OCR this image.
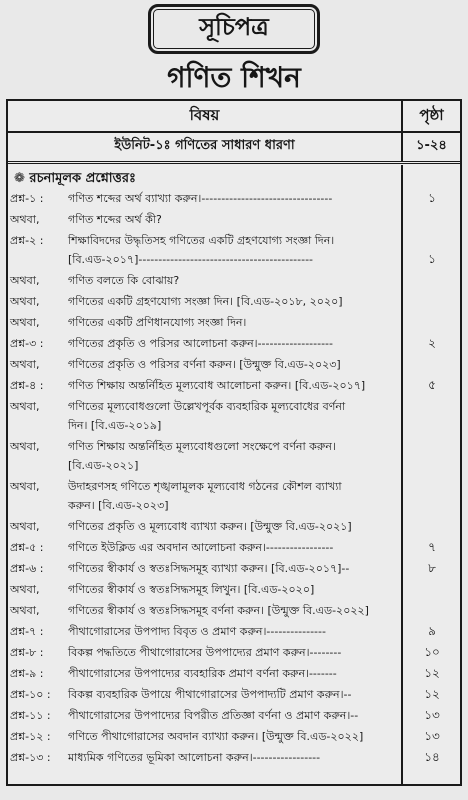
সূচিপত্র
গণিত শিখন
বিষয়	পৃষ্ঠা
ইউনিট-১ঃ গণিতের সাধারণ ধারণা	১-২৪
❁ রচনামূলক প্রশ্নোত্তরঃ
প্রশ্ন-১ :	গণিত শব্দের অর্থ ব্যাখ্যা করুন।---------------------------------	১
অথবা,	গণিত শব্দের অর্থ কী?
প্রশ্ন-২ :	শিক্ষাবিদদের উদ্ধৃতিসহ গণিতের একটি গ্রহণযোগ্য সংজ্ঞা দিন।
[বি.এড-২০১৭]--------------------------------------------	১
অথবা,	গণিত বলতে কি বোঝায়?
অথবা,	গণিতের একটি গ্রহণযোগ্য সংজ্ঞা দিন। [বি.এড-২০১৮, ২০২০]
অথবা,	গণিতের একটি প্রণিধানযোগ্য সংজ্ঞা দিন।
প্রশ্ন-৩ :	গণিতের প্রকৃতি ও পরিসর আলোচনা করুন।-------------------	২
অথবা,	গণিতের প্রকৃতি ও পরিসর বর্ণনা করুন। [উন্মুক্ত বি.এড-২০২৩]
প্রশ্ন-৪ :	গণিত শিক্ষায় অন্তর্নিহিত মূল্যবোধ আলোচনা করুন। [বি.এড-২০১৭]	৫
অথবা,	গণিতের মূল্যবোধগুলো উল্লেখপূর্বক ব্যবহারিক মূল্যবোধের বর্ণনা
দিন। [বি.এড-২০১৯]
অথবা,	গণিত শিক্ষায় অন্তর্নিহিত মূল্যবোধগুলো সংক্ষেপে বর্ণনা করুন।
[বি.এড-২০২১]
অথবা,	উদাহরণসহ গণিতে শৃঙ্খলামূলক মূল্যবোধ গঠনের কৌশল ব্যাখ্যা
করুন। [বি.এড-২০২৩]
অথবা,	গণিতের প্রকৃতি ও মূল্যবোধ ব্যাখ্যা করুন। [উন্মুক্ত বি.এড-২০২১]
প্রশ্ন-৫ :	গণিতে ইউক্লিড এর অবদান আলোচনা করুন।-----------------	৭
প্রশ্ন-৬ :	গণিতের স্বীকার্য ও স্বতঃসিদ্ধসমূহ ব্যাখ্যা করুন। [বি.এড-২০১৭]--	৮
অথবা,	গণিতের স্বীকার্য ও স্বতঃসিদ্ধসমূহ লিখুন। [বি.এড-২০২০]
অথবা,	গণিতের স্বীকার্য ও স্বতঃসিদ্ধসমূহ বর্ণনা করুন। [উন্মুক্ত বি.এড-২০২২]
প্রশ্ন-৭ :	পীথাগোরাসের উপপাদ্য বিবৃত ও প্রমাণ করুন।---------------	৯
প্রশ্ন-৮ :	বিকল্প পদ্ধতিতে পীথাগোরাসের উপপাদ্যের প্রমাণ করুন।--------	১০
প্রশ্ন-৯ :	পীথাগোরাসের উপপাদ্যের ব্যবহারিক প্রমাণ বর্ণনা করুন।-------	১২
প্রশ্ন-১০ :	বিকল্প ব্যবহারিক উপায়ে পীথাগোরাসের উপপাদ্যটি প্রমাণ করুন।--	১২
প্রশ্ন-১১ :	পীথাগোরাসের উপপাদ্যের বিপরীত প্রতিজ্ঞা বর্ণনা ও প্রমাণ করুন।--	১৩
প্রশ্ন-১২ :	গণিতে পীথাগোরাসের অবদান ব্যাখ্যা করুন। [উন্মুক্ত বি.এড-২০২২]	১৩
প্রশ্ন-১৩ :	মাধ্যমিক গণিতের ভূমিকা আলোচনা করুন।-----------------	১৪
